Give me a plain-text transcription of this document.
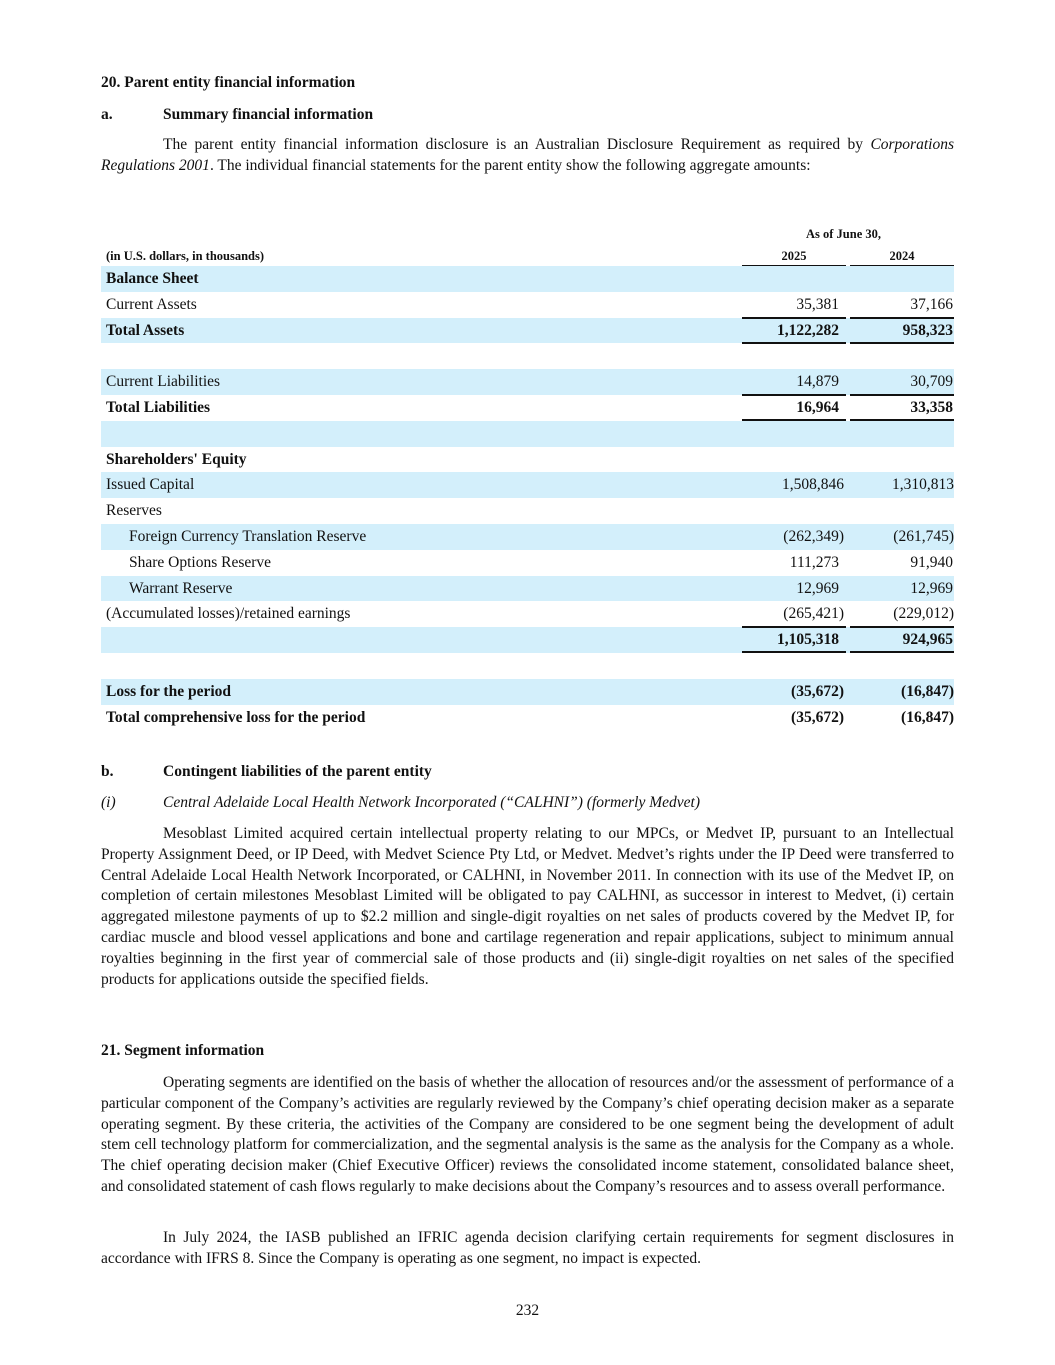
20. Parent entity financial information
a.	Summary financial information

The parent entity financial information disclosure is an Australian Disclosure Requirement as required by Corporations Regulations 2001. The individual financial statements for the parent entity show the following aggregate amounts:

As of June 30,
(in U.S. dollars, in thousands)	2025	2024
Balance Sheet
Current Assets	35,381	37,166
Total Assets	1,122,282	958,323
Current Liabilities	14,879	30,709
Total Liabilities	16,964	33,358
Shareholders' Equity
Issued Capital	1,508,846	1,310,813
Reserves
Foreign Currency Translation Reserve	(262,349)	(261,745)
Share Options Reserve	111,273	91,940
Warrant Reserve	12,969	12,969
(Accumulated losses)/retained earnings	(265,421)	(229,012)
1,105,318	924,965
Loss for the period	(35,672)	(16,847)
Total comprehensive loss for the period	(35,672)	(16,847)
b.	Contingent liabilities of the parent entity
(i)	Central Adelaide Local Health Network Incorporated (“CALHNI”) (formerly Medvet)

Mesoblast Limited acquired certain intellectual property relating to our MPCs, or Medvet IP, pursuant to an Intellectual Property Assignment Deed, or IP Deed, with Medvet Science Pty Ltd, or Medvet. Medvet’s rights under the IP Deed were transferred to Central Adelaide Local Health Network Incorporated, or CALHNI, in November 2011. In connection with its use of the Medvet IP, on completion of certain milestones Mesoblast Limited will be obligated to pay CALHNI, as successor in interest to Medvet, (i) certain aggregated milestone payments of up to $2.2 million and single-digit royalties on net sales of products covered by the Medvet IP, for cardiac muscle and blood vessel applications and bone and cartilage regeneration and repair applications, subject to minimum annual royalties beginning in the first year of commercial sale of those products and (ii) single-digit royalties on net sales of the specified products for applications outside the specified fields.

21. Segment information

Operating segments are identified on the basis of whether the allocation of resources and/or the assessment of performance of a particular component of the Company’s activities are regularly reviewed by the Company’s chief operating decision maker as a separate operating segment. By these criteria, the activities of the Company are considered to be one segment being the development of adult stem cell technology platform for commercialization, and the segmental analysis is the same as the analysis for the Company as a whole. The chief operating decision maker (Chief Executive Officer) reviews the consolidated income statement, consolidated balance sheet, and consolidated statement of cash flows regularly to make decisions about the Company’s resources and to assess overall performance.

In July 2024, the IASB published an IFRIC agenda decision clarifying certain requirements for segment disclosures in accordance with IFRS 8. Since the Company is operating as one segment, no impact is expected.

232
